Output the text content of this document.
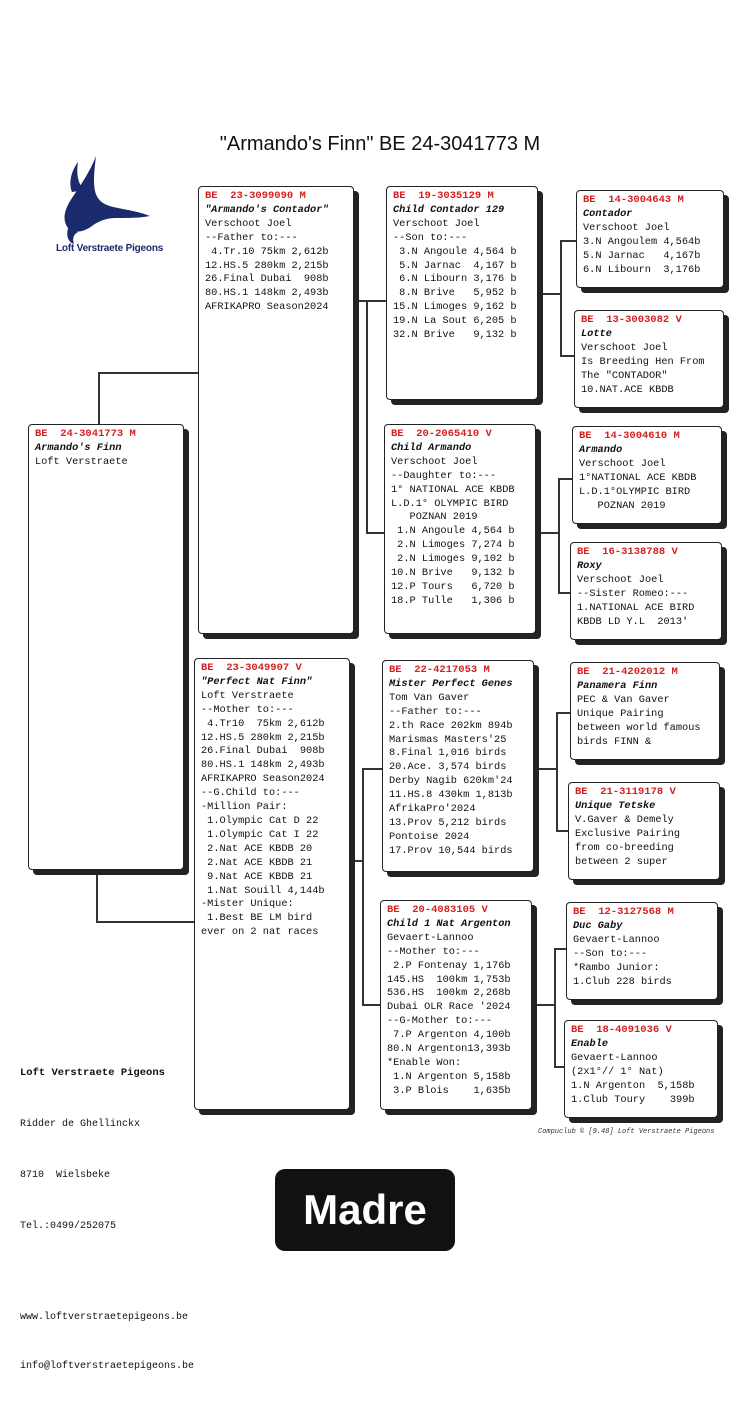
"Armando's Finn" BE 24-3041773 M
Loft Verstraete Pigeons
BE  24-3041773 M
Armando's Finn
Loft Verstraete
BE  23-3099090 M
"Armando's Contador"
Verschoot Joel
--Father to:---
4.Tr.10 75km 2,612b
12.HS.5 280km 2,215b
26.Final Dubai  908b
80.HS.1 148km 2,493b
AFRIKAPRO Season2024
BE  23-3049907 V
"Perfect Nat Finn"
Loft Verstraete
--Mother to:---
4.Tr10  75km 2,612b
12.HS.5 280km 2,215b
26.Final Dubai  908b
80.HS.1 148km 2,493b
AFRIKAPRO Season2024
--G.Child to:---
-Million Pair:
1.Olympic Cat D 22
1.Olympic Cat I 22
2.Nat ACE KBDB 20
2.Nat ACE KBDB 21
9.Nat ACE KBDB 21
1.Nat Souill 4,144b
-Mister Unique:
1.Best BE LM bird
ever on 2 nat races
BE  19-3035129 M
Child Contador 129
Verschoot Joel
--Son to:---
3.N Angoule 4,564 b
5.N Jarnac  4,167 b
6.N Libourn 3,176 b
8.N Brive   5,952 b
15.N Limoges 9,162 b
19.N La Sout 6,205 b
32.N Brive   9,132 b
BE  20-2065410 V
Child Armando
Verschoot Joel
--Daughter to:---
1° NATIONAL ACE KBDB
L.D.1° OLYMPIC BIRD
POZNAN 2019
1.N Angoule 4,564 b
2.N Limoges 7,274 b
2.N Limoges 9,102 b
10.N Brive   9,132 b
12.P Tours   6,720 b
18.P Tulle   1,306 b
BE  22-4217053 M
Mister Perfect Genes
Tom Van Gaver
--Father to:---
2.th Race 202km 894b
Marismas Masters'25
8.Final 1,016 birds
20.Ace. 3,574 birds
Derby Nagib 620km'24
11.HS.8 430km 1,813b
AfrikaPro'2024
13.Prov 5,212 birds
Pontoise 2024
17.Prov 10,544 birds
BE  20-4083105 V
Child 1 Nat Argenton
Gevaert-Lannoo
--Mother to:---
2.P Fontenay 1,176b
145.HS  100km 1,753b
536.HS  100km 2,268b
Dubai OLR Race '2024
--G-Mother to:---
7.P Argenton 4,100b
80.N Argenton13,393b
*Enable Won:
1.N Argenton 5,158b
3.P Blois    1,635b
BE  14-3004643 M
Contador
Verschoot Joel
3.N Angoulem 4,564b
5.N Jarnac   4,167b
6.N Libourn  3,176b
BE  13-3003082 V
Lotte
Verschoot Joel
Is Breeding Hen From
The "CONTADOR"
10.NAT.ACE KBDB
BE  14-3004610 M
Armando
Verschoot Joel
1°NATIONAL ACE KBDB
L.D.1°OLYMPIC BIRD
POZNAN 2019
BE  16-3138788 V
Roxy
Verschoot Joel
--Sister Romeo:---
1.NATIONAL ACE BIRD
KBDB LD Y.L  2013'
BE  21-4202012 M
Panamera Finn
PEC & Van Gaver
Unique Pairing
between world famous
birds FINN &
BE  21-3119178 V
Unique Tetske
V.Gaver & Demely
Exclusive Pairing
from co-breeding
between 2 super
BE  12-3127568 M
Duc Gaby
Gevaert-Lannoo
--Son to:---
*Rambo Junior:
1.Club 228 birds
BE  18-4091036 V
Enable
Gevaert-Lannoo
(2x1°// 1° Nat)
1.N Argenton  5,158b
1.Club Toury    399b

Loft Verstraete Pigeons

Ridder de Ghellinckx

8710  Wielsbeke

Tel.:0499/252075

www.loftverstraetepigeons.be

info@loftverstraetepigeons.be

Compuclub © [9.48] Loft Verstraete Pigeons
Madre
